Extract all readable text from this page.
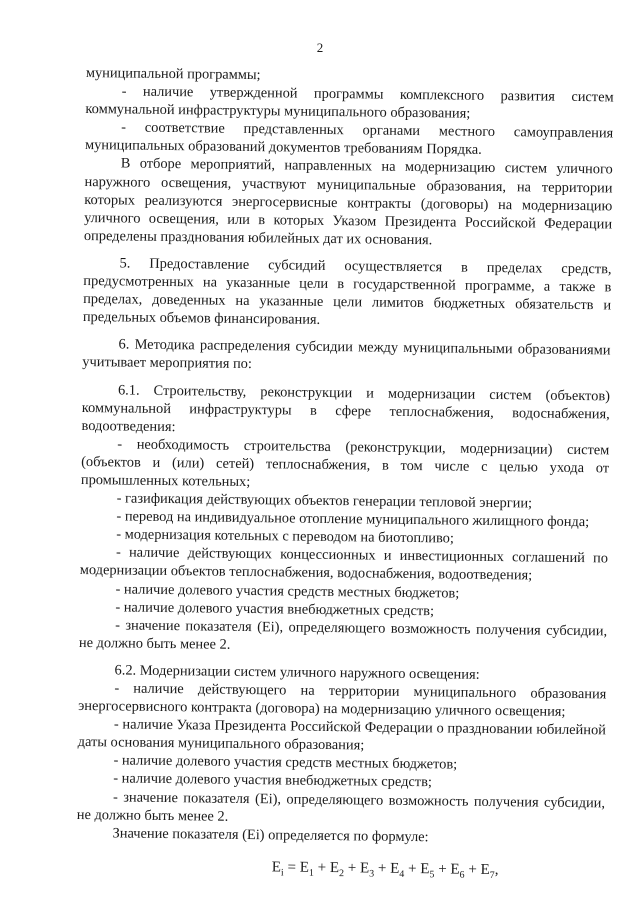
2

муниципальной программы;

- наличие утвержденной программы комплексного развития систем коммунальной инфраструктуры муниципального образования;

- соответствие представленных органами местного самоуправления муниципальных образований документов требованиям Порядка.

В отборе мероприятий, направленных на модернизацию систем уличного наружного освещения, участвуют муниципальные образования, на территории которых реализуются энергосервисные контракты (договоры) на модернизацию уличного освещения, или в которых Указом Президента Российской Федерации определены празднования юбилейных дат их основания.

5. Предоставление субсидий осуществляется в пределах средств, предусмотренных на указанные цели в государственной программе, а также в пределах, доведенных на указанные цели лимитов бюджетных обязательств и предельных объемов финансирования.

6. Методика распределения субсидии между муниципальными образованиями учитывает мероприятия по:

6.1. Строительству, реконструкции и модернизации систем (объектов) коммунальной инфраструктуры в сфере теплоснабжения, водоснабжения, водоотведения:

- необходимость строительства (реконструкции, модернизации) систем (объектов и (или) сетей) теплоснабжения, в том числе с целью ухода от промышленных котельных;

- газификация действующих объектов генерации тепловой энергии;

- перевод на индивидуальное отопление муниципального жилищного фонда;

- модернизация котельных с переводом на биотопливо;

- наличие действующих концессионных и инвестиционных соглашений по модернизации объектов теплоснабжения, водоснабжения, водоотведения;

- наличие долевого участия средств местных бюджетов;

- наличие долевого участия внебюджетных средств;

- значение показателя (Ei), определяющего возможность получения субсидии, не должно быть менее 2.

6.2. Модернизации систем уличного наружного освещения:

- наличие действующего на территории муниципального образования энергосервисного контракта (договора) на модернизацию уличного освещения;

- наличие Указа Президента Российской Федерации о праздновании юбилейной даты основания муниципального образования;

- наличие долевого участия средств местных бюджетов;

- наличие долевого участия внебюджетных средств;

- значение показателя (Ei), определяющего возможность получения субсидии, не должно быть менее 2.

Значение показателя (Ei) определяется по формуле:

$E_i = E_1 + E_2 + E_3 + E_4 + E_5 + E_6 + E_7$,
